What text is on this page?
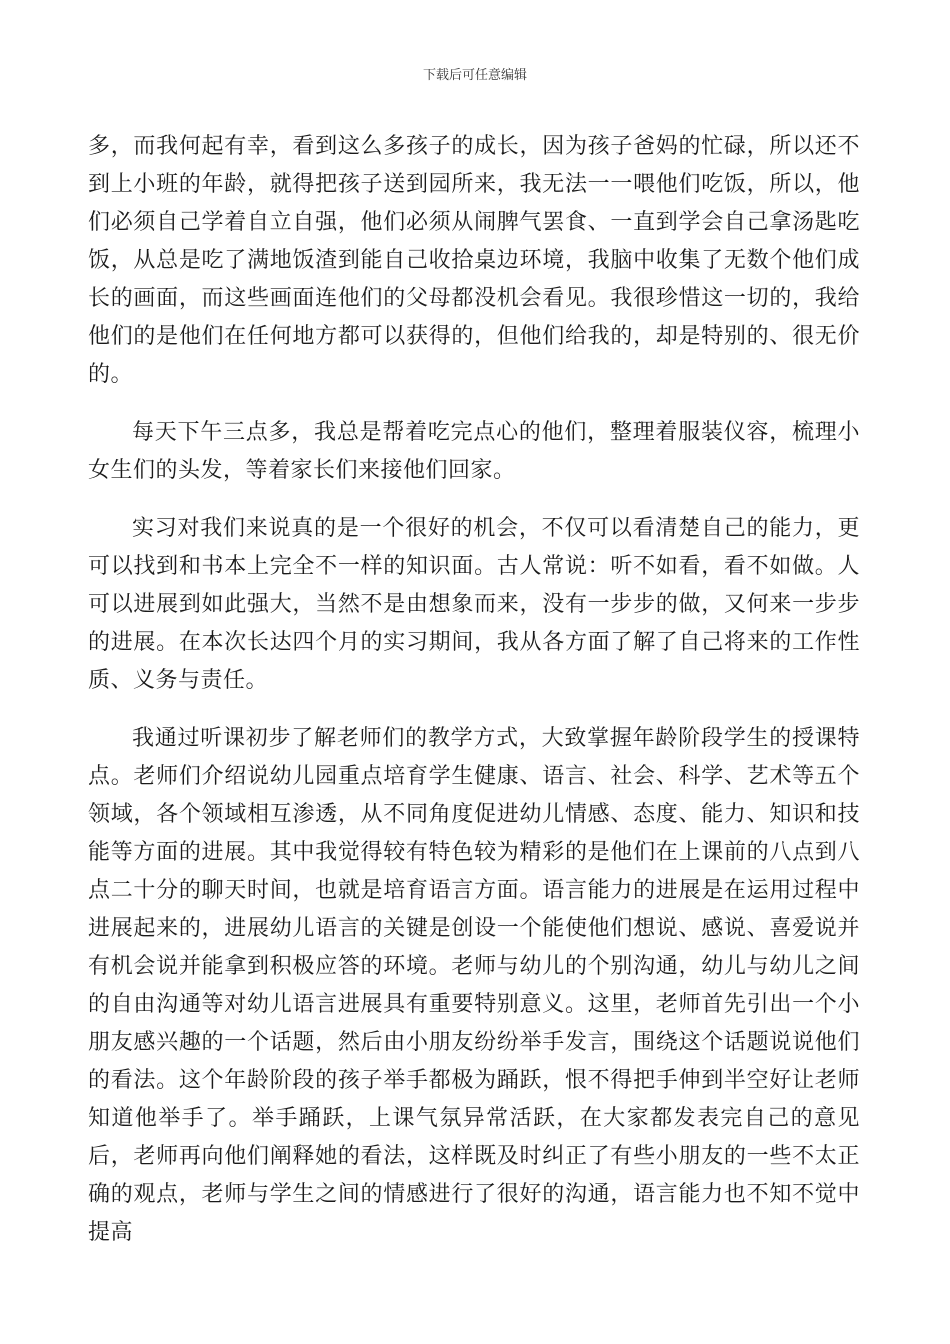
下载后可任意编辑

多，而我何起有幸，看到这么多孩子的成长，因为孩子爸妈的忙碌，所以还不到上小班的年龄，就得把孩子送到园所来，我无法一一喂他们吃饭，所以，他们必须自己学着自立自强，他们必须从闹脾气罢食、一直到学会自己拿汤匙吃饭，从总是吃了满地饭渣到能自己收拾桌边环境，我脑中收集了无数个他们成长的画面，而这些画面连他们的父母都没机会看见。我很珍惜这一切的，我给他们的是他们在任何地方都可以获得的，但他们给我的，却是特别的、很无价的。

每天下午三点多，我总是帮着吃完点心的他们，整理着服装仪容，梳理小女生们的头发，等着家长们来接他们回家。

实习对我们来说真的是一个很好的机会，不仅可以看清楚自己的能力，更可以找到和书本上完全不一样的知识面。古人常说：听不如看，看不如做。人可以进展到如此强大，当然不是由想象而来，没有一步步的做，又何来一步步的进展。在本次长达四个月的实习期间，我从各方面了解了自己将来的工作性质、义务与责任。

我通过听课初步了解老师们的教学方式，大致掌握年龄阶段学生的授课特点。老师们介绍说幼儿园重点培育学生健康、语言、社会、科学、艺术等五个领域，各个领域相互渗透，从不同角度促进幼儿情感、态度、能力、知识和技能等方面的进展。其中我觉得较有特色较为精彩的是他们在上课前的八点到八点二十分的聊天时间，也就是培育语言方面。语言能力的进展是在运用过程中进展起来的，进展幼儿语言的关键是创设一个能使他们想说、感说、喜爱说并有机会说并能拿到积极应答的环境。老师与幼儿的个别沟通，幼儿与幼儿之间的自由沟通等对幼儿语言进展具有重要特别意义。这里，老师首先引出一个小朋友感兴趣的一个话题，然后由小朋友纷纷举手发言，围绕这个话题说说他们的看法。这个年龄阶段的孩子举手都极为踊跃，恨不得把手伸到半空好让老师知道他举手了。举手踊跃，上课气氛异常活跃，在大家都发表完自己的意见后，老师再向他们阐释她的看法，这样既及时纠正了有些小朋友的一些不太正确的观点，老师与学生之间的情感进行了很好的沟通，语言能力也不知不觉中提高
